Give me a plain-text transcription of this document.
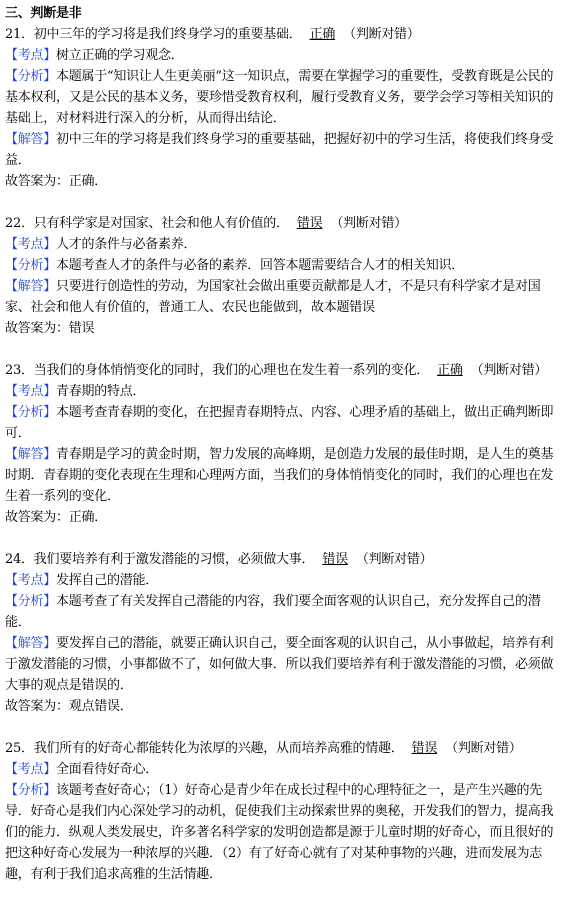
三、判断是非
21．初中三年的学习将是我们终身学习的重要基础． 正确 （判断对错）
【考点】树立正确的学习观念．
【分析】本题属于“知识让人生更美丽”这一知识点，需要在掌握学习的重要性，受教育既是公民的基本权利，又是公民的基本义务，要珍惜受教育权利，履行受教育义务，要学会学习等相关知识的基础上，对材料进行深入的分析，从而得出结论．
【解答】初中三年的学习将是我们终身学习的重要基础，把握好初中的学习生活，将使我们终身受益．
故答案为：正确．
22．只有科学家是对国家、社会和他人有价值的． 错误 （判断对错）
【考点】人才的条件与必备素养．
【分析】本题考查人才的条件与必备的素养．回答本题需要结合人才的相关知识．
【解答】只要进行创造性的劳动，为国家社会做出重要贡献都是人才，不是只有科学家才是对国家、社会和他人有价值的，普通工人、农民也能做到，故本题错误
故答案为：错误
23．当我们的身体悄悄变化的同时，我们的心理也在发生着一系列的变化． 正确 （判断对错）
【考点】青春期的特点．
【分析】本题考查青春期的变化，在把握青春期特点、内容、心理矛盾的基础上，做出正确判断即可．
【解答】青春期是学习的黄金时期，智力发展的高峰期，是创造力发展的最佳时期，是人生的奠基时期．青春期的变化表现在生理和心理两方面，当我们的身体悄悄变化的同时，我们的心理也在发生着一系列的变化．
故答案为：正确．
24．我们要培养有利于激发潜能的习惯，必须做大事． 错误 （判断对错）
【考点】发挥自己的潜能．
【分析】本题考查了有关发挥自己潜能的内容，我们要全面客观的认识自己，充分发挥自己的潜能．
【解答】要发挥自己的潜能，就要正确认识自己，要全面客观的认识自己，从小事做起，培养有利于激发潜能的习惯，小事都做不了，如何做大事．所以我们要培养有利于激发潜能的习惯，必须做大事的观点是错误的．
故答案为：观点错误．
25．我们所有的好奇心都能转化为浓厚的兴趣，从而培养高雅的情趣． 错误 （判断对错）
【考点】全面看待好奇心．
【分析】该题考查好奇心；（1）好奇心是青少年在成长过程中的心理特征之一，是产生兴趣的先导．好奇心是我们内心深处学习的动机，促使我们主动探索世界的奥秘，开发我们的智力，提高我们的能力．纵观人类发展史，许多著名科学家的发明创造都是源于儿童时期的好奇心，而且很好的把这种好奇心发展为一种浓厚的兴趣．（2）有了好奇心就有了对某种事物的兴趣，进而发展为志趣，有利于我们追求高雅的生活情趣．
